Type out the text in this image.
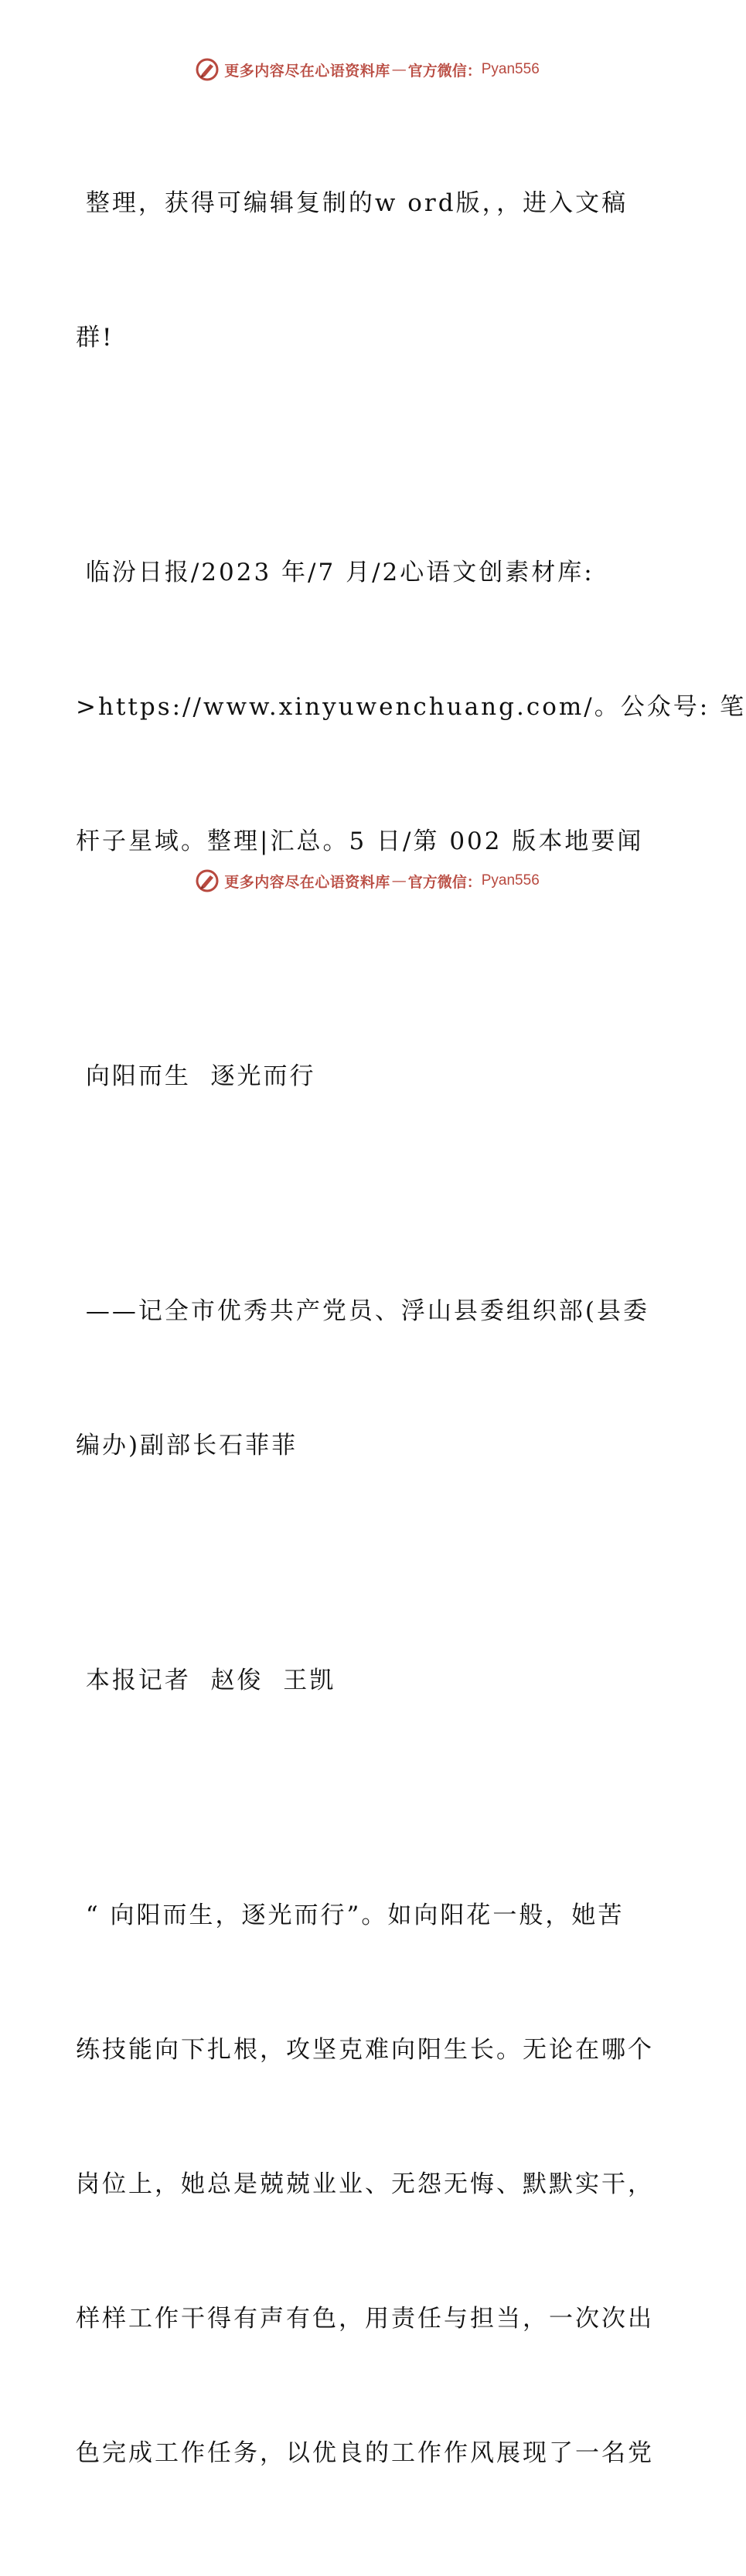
更多内容尽在心语资料库 — 官方微信： Pyan556

整理，获得可编辑复制的w ord版，，进入文稿

群!

临汾日报/2023 年/7 月/2心语文创素材库:

>https://www.xinyuwenchuang.com/。公众号: 笔

杆子星域。整理|汇总。5 日/第 002 版本地要闻

向阳而生  逐光而行

——记全市优秀共产党员、浮山县委组织部(县委

编办)副部长石菲菲

本报记者  赵俊  王凯

“ 向阳而生，逐光而行”。如向阳花一般，她苦

练技能向下扎根，攻坚克难向阳生长。无论在哪个

岗位上，她总是兢兢业业、无怨无悔、默默实干，

样样工作干得有声有色，用责任与担当，一次次出

色完成工作任务，以优良的工作作风展现了一名党

更多内容尽在心语资料库 — 官方微信： Pyan556
